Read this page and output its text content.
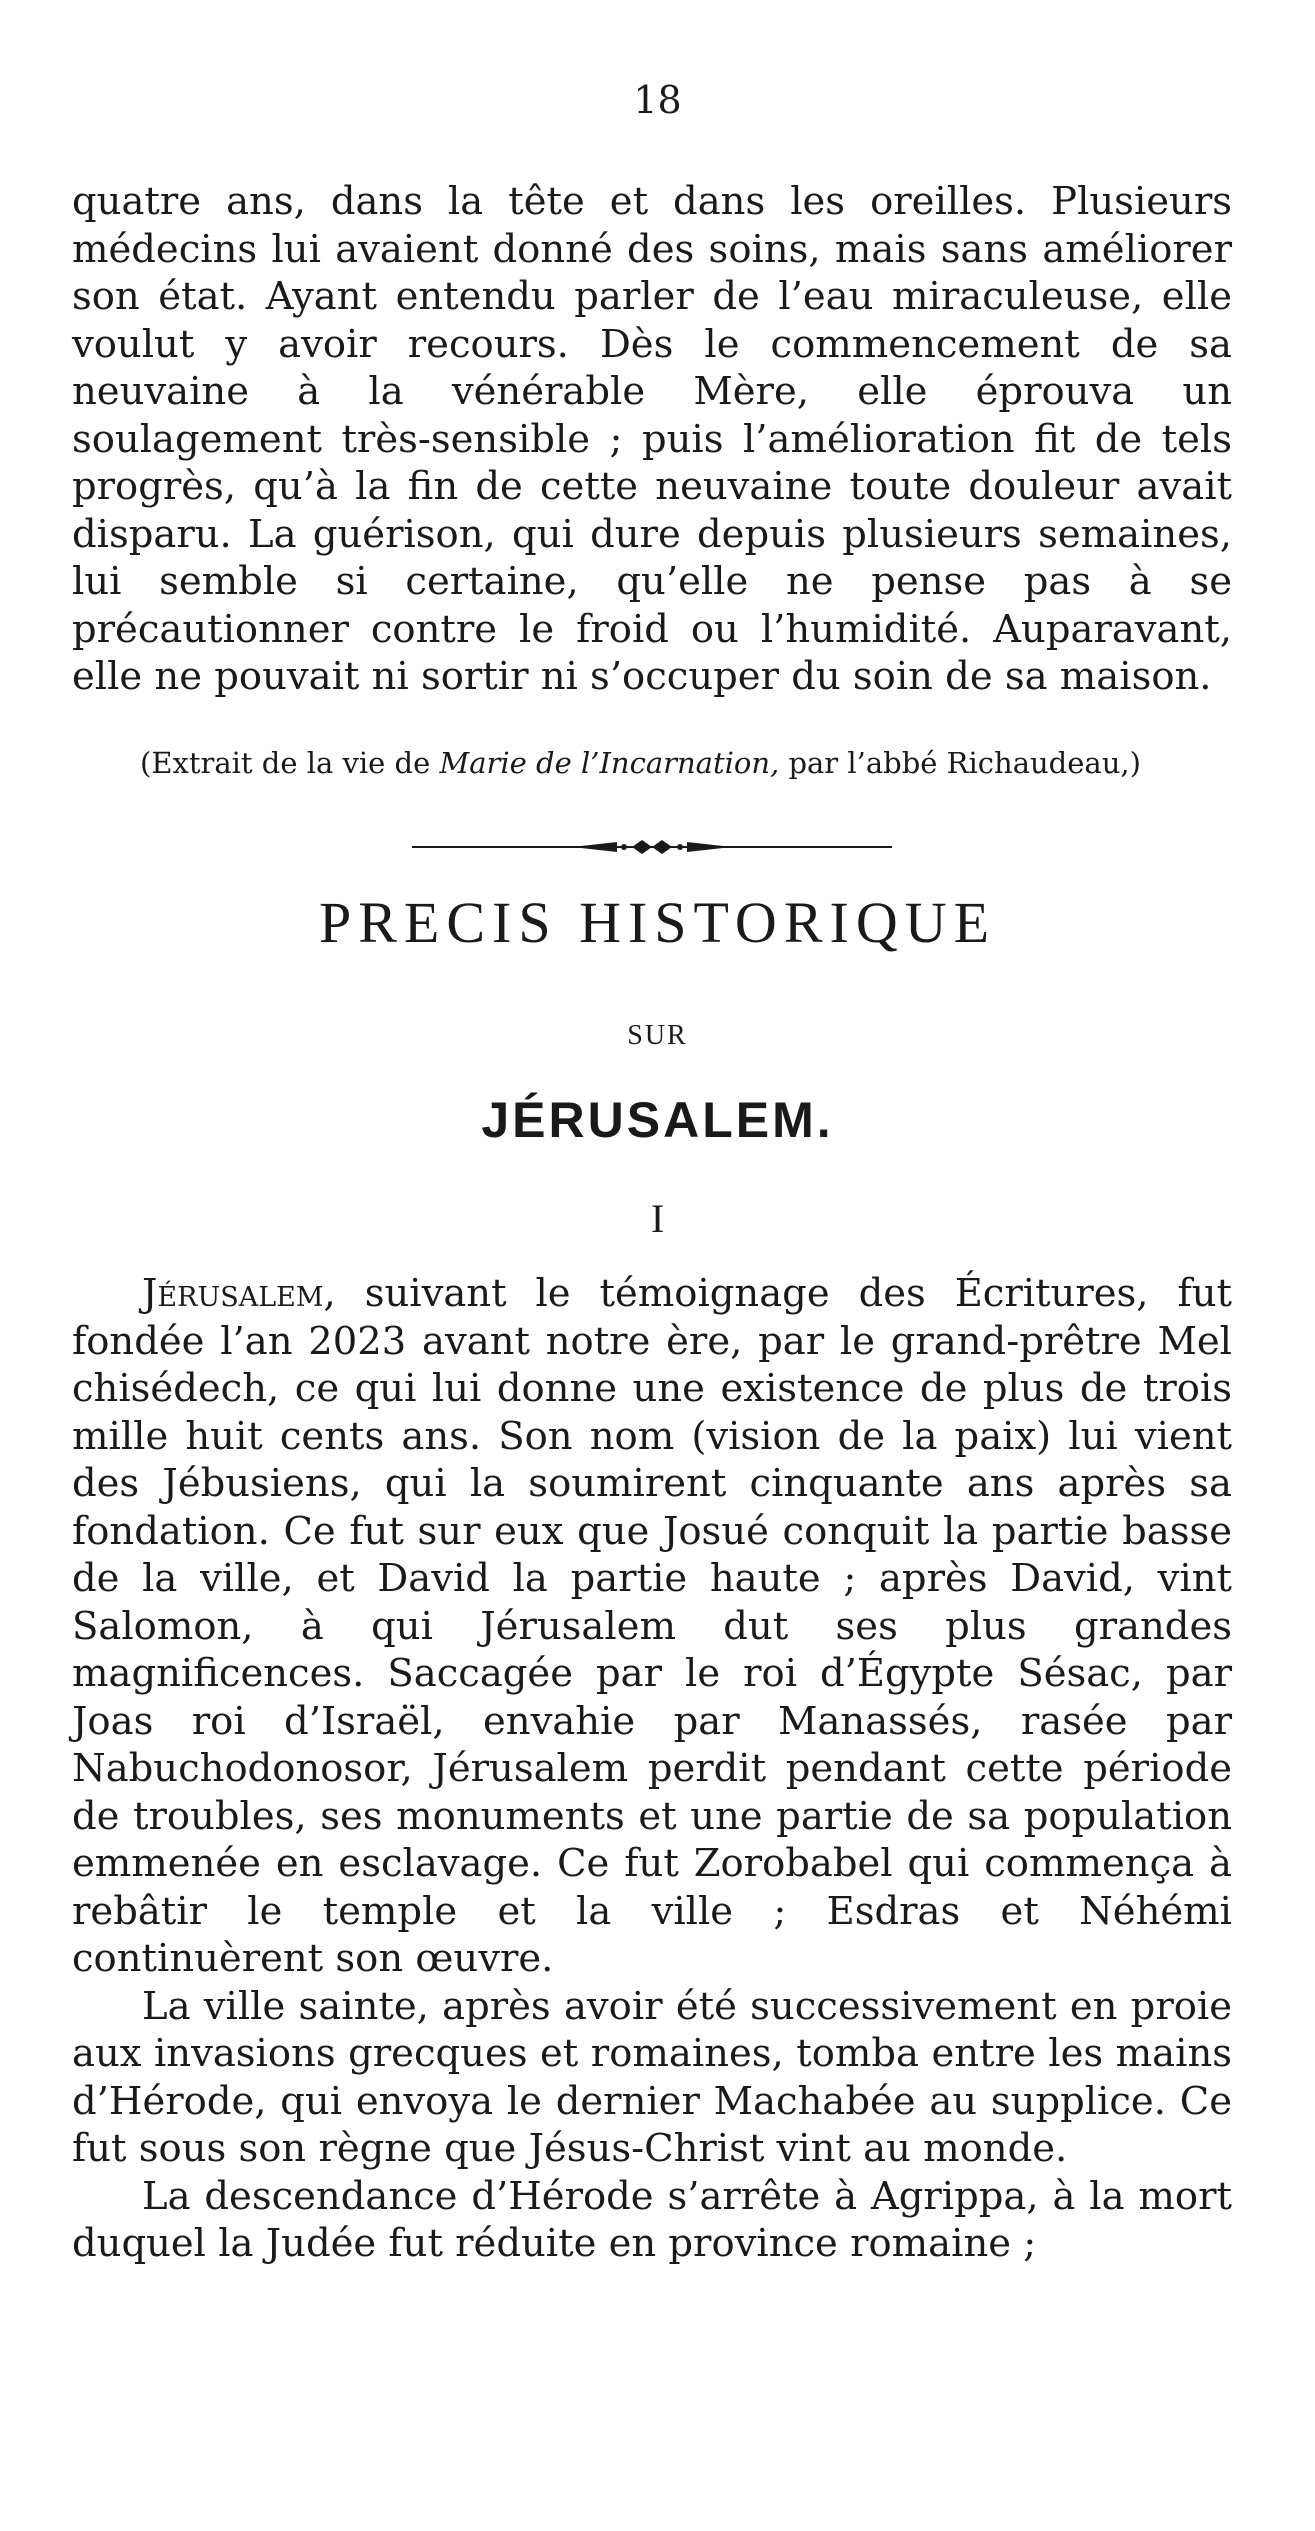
18

quatre ans, dans la tête et dans les oreilles. Plusieurs médecins lui avaient donné des soins, mais sans améliorer son état. Ayant entendu parler de l’eau miraculeuse, elle voulut y avoir recours. Dès le commencement de sa neuvaine à la vénérable Mère, elle éprouva un soulagement très-sensible ; puis l’amélioration fit de tels progrès, qu’à la fin de cette neuvaine toute douleur avait disparu. La guérison, qui dure depuis plusieurs semaines, lui semble si certaine, qu’elle ne pense pas à se précautionner contre le froid ou l’humidité. Auparavant, elle ne pouvait ni sortir ni s’occuper du soin de sa maison.

(Extrait de la vie de Marie de l’Incarnation, par l’abbé Richaudeau,)
PRECIS HISTORIQUE
SUR
JÉRUSALEM.
I

Jérusalem, suivant le témoignage des Écritures, fut fondée l’an 2023 avant notre ère, par le grand-prêtre Mel chisédech, ce qui lui donne une existence de plus de trois mille huit cents ans. Son nom (vision de la paix) lui vient des Jébusiens, qui la soumirent cinquante ans après sa fondation. Ce fut sur eux que Josué conquit la partie basse de la ville, et David la partie haute ; après David, vint Salomon, à qui Jérusalem dut ses plus grandes magnificences. Saccagée par le roi d’Égypte Sésac, par Joas roi d’Israël, envahie par Manassés, rasée par Nabuchodonosor, Jérusalem perdit pendant cette période de troubles, ses monuments et une partie de sa population emmenée en esclavage. Ce fut Zorobabel qui commença à rebâtir le temple et la ville ; Esdras et Néhémi continuèrent son œuvre.

La ville sainte, après avoir été successivement en proie aux invasions grecques et romaines, tomba entre les mains d’Hérode, qui envoya le dernier Machabée au supplice. Ce fut sous son règne que Jésus-Christ vint au monde.

La descendance d’Hérode s’arrête à Agrippa, à la mort duquel la Judée fut réduite en province romaine ;
